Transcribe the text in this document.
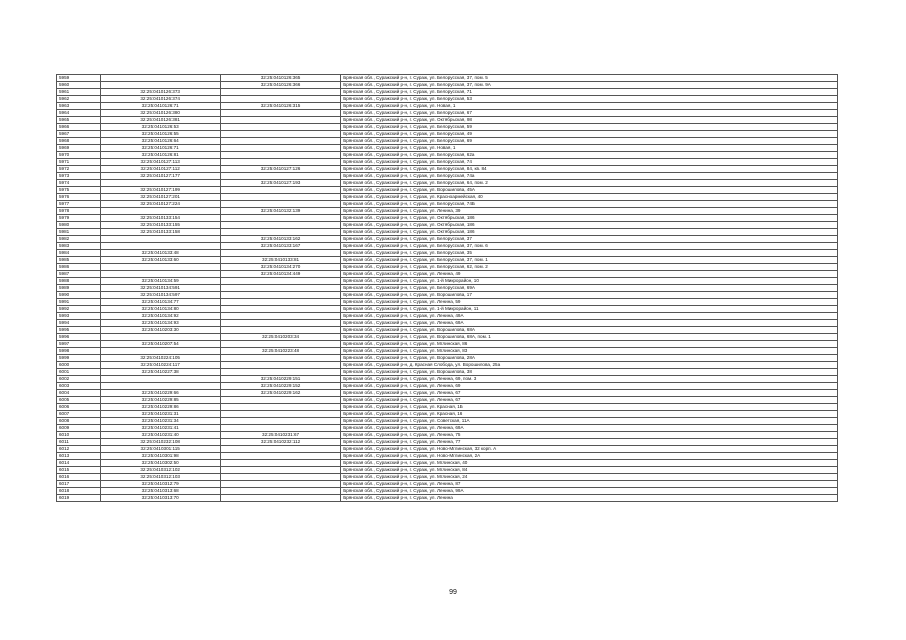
5959		32:25:0410126:365	Брянская обл., Суражский р-н, г. Сураж, ул. Белорусская, 37, пом. 5
5960		32:25:0410126:366	Брянская обл., Суражский р-н, г. Сураж, ул. Белорусская, 37, пом. 9А
5961	32:25:0410126:373		Брянская обл., Суражский р-н, г. Сураж, ул. Белорусская, 71
5962	32:25:0410126:374		Брянская обл., Суражский р-н, г. Сураж, ул. Белорусская, 53
5963	32:25:0410126:71	32:25:0410126:315	Брянская обл., Суражский р-н, г. Сураж, ул. Новая, 1
5964	32:25:0410126:380		Брянская обл., Суражский р-н, г. Сураж, ул. Белорусская, 67
5965	32:25:0410126:381		Брянская обл., Суражский р-н, г. Сураж, ул. Октябрьская, 98
5966	32:25:0410126:53		Брянская обл., Суражский р-н, г. Сураж, ул. Белорусская, 59
5967	32:25:0410126:55		Брянская обл., Суражский р-н, г. Сураж, ул. Белорусская, 49
5968	32:25:0410126:64		Брянская обл., Суражский р-н, г. Сураж, ул. Белорусская, 69
5969	32:25:0410126:71		Брянская обл., Суражский р-н, г. Сураж, ул. Новая, 1
5970	32:25:0410126:81		Брянская обл., Суражский р-н, г. Сураж, ул. Белорусская, 62а
5971	32:25:0410127:113		Брянская обл., Суражский р-н, г. Сураж, ул. Белорусская, 74
5972	32:25:0410127:112	32:25:0410127:126	Брянская обл., Суражский р-н, г. Сураж, ул. Белорусская, 84, кв. 84
5973	32:25:0410127:177		Брянская обл., Суражский р-н, г. Сураж, ул. Белорусская, 74а
5974		32:25:0410127:193	Брянская обл., Суражский р-н, г. Сураж, ул. Белорусская, 64, пом. 2
5975	32:25:0410127:199		Брянская обл., Суражский р-н, г. Сураж, ул. Ворошилова, 45А
5976	32:25:0410127:201		Брянская обл., Суражский р-н, г. Сураж, ул. Красноармейская, 40
5977	32:25:0410127:224		Брянская обл., Суражский р-н, г. Сураж, ул. Белорусская, 74Б
5978		32:25:0410132:139	Брянская обл., Суражский р-н, г. Сураж, ул. Ленина, 39
5979	32:25:0410133:154		Брянская обл., Суражский р-н, г. Сураж, ул. Октябрьская, 186
5980	32:25:0410133:155		Брянская обл., Суражский р-н, г. Сураж, ул. Октябрьская, 186
5981	32:25:0410133:158		Брянская обл., Суражский р-н, г. Сураж, ул. Октябрьская, 186
5982		32:25:0410133:162	Брянская обл., Суражский р-н, г. Сураж, ул. Белорусская, 37
5983		32:25:0410133:167	Брянская обл., Суражский р-н, г. Сураж, ул. Белорусская, 37, пом. 6
5984	32:25:0410133:48		Брянская обл., Суражский р-н, г. Сураж, ул. Белорусская, 35
5985	32:25:0410133:60	32:25:0410133:81	Брянская обл., Суражский р-н, г. Сураж, ул. Белорусская, 37, пом. 1
5986		32:25:0410134:270	Брянская обл., Суражский р-н, г. Сураж, ул. Белорусская, 62, пом. 2
5987		32:25:0410134:449	Брянская обл., Суражский р-н, г. Сураж, ул. Ленина, 49
5988	32:25:0410134:59		Брянская обл., Суражский р-н, г. Сураж, ул. 1-й Микрорайон, 10
5989	32:25:0410134:591		Брянская обл., Суражский р-н, г. Сураж, ул. Белорусская, 69А
5990	32:25:0410134:597		Брянская обл., Суражский р-н, г. Сураж, ул. Ворошилова, 17
5991	32:25:0410134:77		Брянская обл., Суражский р-н, г. Сураж, ул. Ленина, 59
5992	32:25:0410134:80		Брянская обл., Суражский р-н, г. Сураж, ул. 1-й Микрорайон, 11
5993	32:25:0410134:92		Брянская обл., Суражский р-н, г. Сураж, ул. Ленина, 49А
5994	32:25:0410134:93		Брянская обл., Суражский р-н, г. Сураж, ул. Ленина, 69А
5995	32:25:0410203:30		Брянская обл., Суражский р-н, г. Сураж, ул. Ворошилова, 68А
5996		32:25:0410203:34	Брянская обл., Суражский р-н, г. Сураж, ул. Ворошилова, 68А, пом. 1
5997	32:25:0410207:54		Брянская обл., Суражский р-н, г. Сураж, ул. Мглинская, 86
5998		32:25:0410223:48	Брянская обл., Суражский р-н, г. Сураж, ул. Мглинская, 83
5999	32:25:0410224:105		Брянская обл., Суражский р-н, г. Сураж, ул. Ворошилова, 28А
6000	32:25:0410224:117		Брянская обл., Суражский р-н, д. Красная Слобода, ул. Ворошилова, 25а
6001	32:25:0410227:38		Брянская обл., Суражский р-н, г. Сураж, ул. Ворошилова, 38
6002		32:25:0410229:151	Брянская обл., Суражский р-н, г. Сураж, ул. Ленина, 69, пом. 3
6003		32:25:0410229:152	Брянская обл., Суражский р-н, г. Сураж, ул. Ленина, 69
6004	32:25:0410229:66	32:25:0410229:162	Брянская обл., Суражский р-н, г. Сураж, ул. Ленина, 67
6005	32:25:0410229:85		Брянская обл., Суражский р-н, г. Сураж, ул. Ленина, 67
6006	32:25:0410229:86		Брянская обл., Суражский р-н, г. Сураж, ул. Красная, 1Б
6007	32:25:0410231:31		Брянская обл., Суражский р-н, г. Сураж, ул. Красная, 16
6008	32:25:0410231:34		Брянская обл., Суражский р-н, г. Сураж, ул. Советская, 11А
6009	32:25:0410231:41		Брянская обл., Суражский р-н, г. Сураж, ул. Ленина, 69А
6010	32:25:0410231:40	32:25:0410231:67	Брянская обл., Суражский р-н, г. Сураж, ул. Ленина, 75
6011	32:25:0410232:108	32:25:0410232:112	Брянская обл., Суражский р-н, г. Сураж, ул. Ленина, 77
6012	32:25:0410301:115		Брянская обл., Суражский р-н, г. Сураж, ул. Ново-Мглинская, 32 корп. А
6013	32:25:0410301:98		Брянская обл., Суражский р-н, г. Сураж, ул. Ново-Мглинская, 2А
6014	32:25:0410302:50		Брянская обл., Суражский р-н, г. Сураж, ул. Мглинская, 40
6015	32:25:0410312:102		Брянская обл., Суражский р-н, г. Сураж, ул. Мглинская, 84
6016	32:25:0410312:103		Брянская обл., Суражский р-н, г. Сураж, ул. Мглинская, 24
6017	32:25:0410312:79		Брянская обл., Суражский р-н, г. Сураж, ул. Ленина, 87
6018	32:25:0410313:68		Брянская обл., Суражский р-н, г. Сураж, ул. Ленина, 99А
6019	32:25:0410313:70		Брянская обл., Суражский р-н, г. Сураж, ул. Ленина
99
